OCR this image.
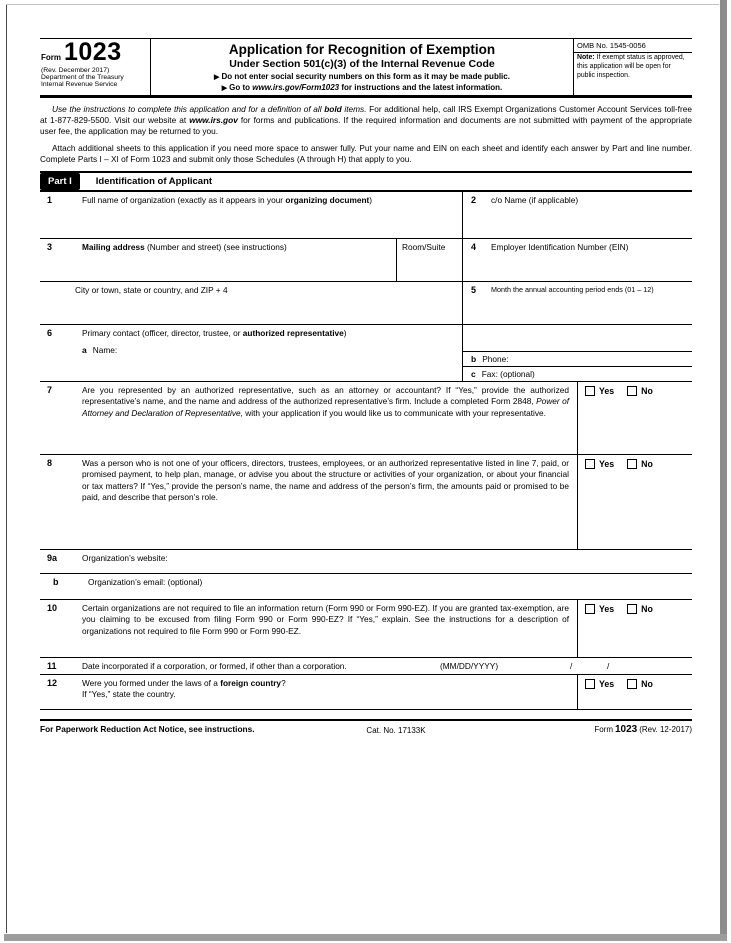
Form 1023
(Rev. December 2017)
Department of the Treasury
Internal Revenue Service
Application for Recognition of Exemption
Under Section 501(c)(3) of the Internal Revenue Code
▶ Do not enter social security numbers on this form as it may be made public.
▶ Go to www.irs.gov/Form1023 for instructions and the latest information.
OMB No. 1545-0056
Note: If exempt status is approved, this application will be open for public inspection.

Use the instructions to complete this application and for a definition of all bold items. For additional help, call IRS Exempt Organizations Customer Account Services toll-free at 1-877-829-5500. Visit our website at www.irs.gov for forms and publications. If the required information and documents are not submitted with payment of the appropriate user fee, the application may be returned to you.

Attach additional sheets to this application if you need more space to answer fully. Put your name and EIN on each sheet and identify each answer by Part and line number. Complete Parts I – XI of Form 1023 and submit only those Schedules (A through H) that apply to you.

Part I	Identification of Applicant
1	Full name of organization (exactly as it appears in your organizing document)	2	c/o Name (if applicable)
3	Mailing address (Number and street) (see instructions)	Room/Suite	4	Employer Identification Number (EIN)
City or town, state or country, and ZIP + 4	5	Month the annual accounting period ends (01 – 12)
6	Primary contact (officer, director, trustee, or authorized representative)
a Name:
b Phone:
c Fax: (optional)
7	Are you represented by an authorized representative, such as an attorney or accountant? If “Yes,” provide the authorized representative’s name, and the name and address of the authorized representative’s firm. Include a completed Form 2848, Power of Attorney and Declaration of Representative, with your application if you would like us to communicate with your representative.
Yes	No
8	Was a person who is not one of your officers, directors, trustees, employees, or an authorized representative listed in line 7, paid, or promised payment, to help plan, manage, or advise you about the structure or activities of your organization, or about your financial or tax matters? If “Yes,” provide the person’s name, the name and address of the person’s firm, the amounts paid or promised to be paid, and describe that person’s role.
Yes	No
9a	Organization’s website:
b	Organization’s email: (optional)
10	Certain organizations are not required to file an information return (Form 990 or Form 990-EZ). If you are granted tax-exemption, are you claiming to be excused from filing Form 990 or Form 990-EZ? If “Yes,” explain. See the instructions for a description of organizations not required to file Form 990 or Form 990-EZ.
Yes	No
11	Date incorporated if a corporation, or formed, if other than a corporation.	(MM/DD/YYYY)	/	/
12	Were you formed under the laws of a foreign country?
If “Yes,” state the country.
Yes	No
For Paperwork Reduction Act Notice, see instructions.	Cat. No. 17133K	Form 1023 (Rev. 12-2017)
